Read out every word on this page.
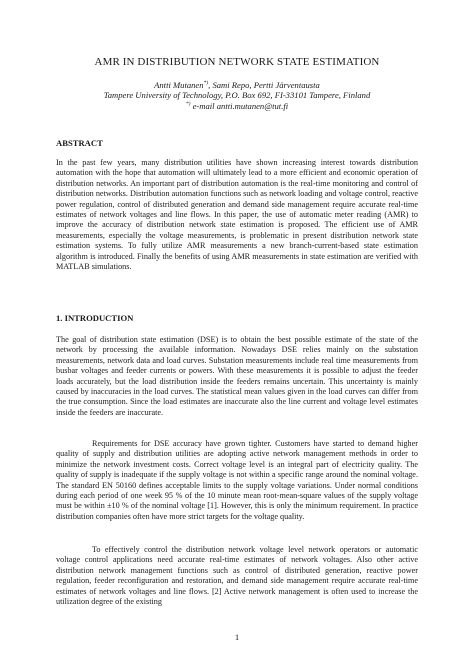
AMR IN DISTRIBUTION NETWORK STATE ESTIMATION
Antti Mutanen*), Sami Repo, Pertti Järventausta
Tampere University of Technology, P.O. Box 692, FI-33101 Tampere, Finland
*) e-mail antti.mutanen@tut.fi
ABSTRACT

In the past few years, many distribution utilities have shown increasing interest towards distribution automation with the hope that automation will ultimately lead to a more efficient and economic operation of distribution networks. An important part of distribution automation is the real-time monitoring and control of distribution networks. Distribution automation functions such as network loading and voltage control, reactive power regulation, control of distributed generation and demand side management require accurate real-time estimates of network voltages and line flows. In this paper, the use of automatic meter reading (AMR) to improve the accuracy of distribution network state estimation is proposed. The efficient use of AMR measurements, especially the voltage measurements, is problematic in present distribution network state estimation systems. To fully utilize AMR measurements a new branch-current-based state estimation algorithm is introduced. Finally the benefits of using AMR measurements in state estimation are verified with MATLAB simulations.

1. INTRODUCTION

The goal of distribution state estimation (DSE) is to obtain the best possible estimate of the state of the network by processing the available information. Nowadays DSE relies mainly on the substation measurements, network data and load curves. Substation measurements include real time measurements from busbar voltages and feeder currents or powers. With these measurements it is possible to adjust the feeder loads accurately, but the load distribution inside the feeders remains uncertain. This uncertainty is mainly caused by inaccuracies in the load curves. The statistical mean values given in the load curves can differ from the true consumption. Since the load estimates are inaccurate also the line current and voltage level estimates inside the feeders are inaccurate.

Requirements for DSE accuracy have grown tighter. Customers have started to demand higher quality of supply and distribution utilities are adopting active network management methods in order to minimize the network investment costs. Correct voltage level is an integral part of electricity quality. The quality of supply is inadequate if the supply voltage is not within a specific range around the nominal voltage. The standard EN 50160 defines acceptable limits to the supply voltage variations. Under normal conditions during each period of one week 95 % of the 10 minute mean root-mean-square values of the supply voltage must be within ±10 % of the nominal voltage [1]. However, this is only the minimum requirement. In practice distribution companies often have more strict targets for the voltage quality.

To effectively control the distribution network voltage level network operators or automatic voltage control applications need accurate real-time estimates of network voltages. Also other active distribution network management functions such as control of distributed generation, reactive power regulation, feeder reconfiguration and restoration, and demand side management require accurate real-time estimates of network voltages and line flows. [2] Active network management is often used to increase the utilization degree of the existing

1
